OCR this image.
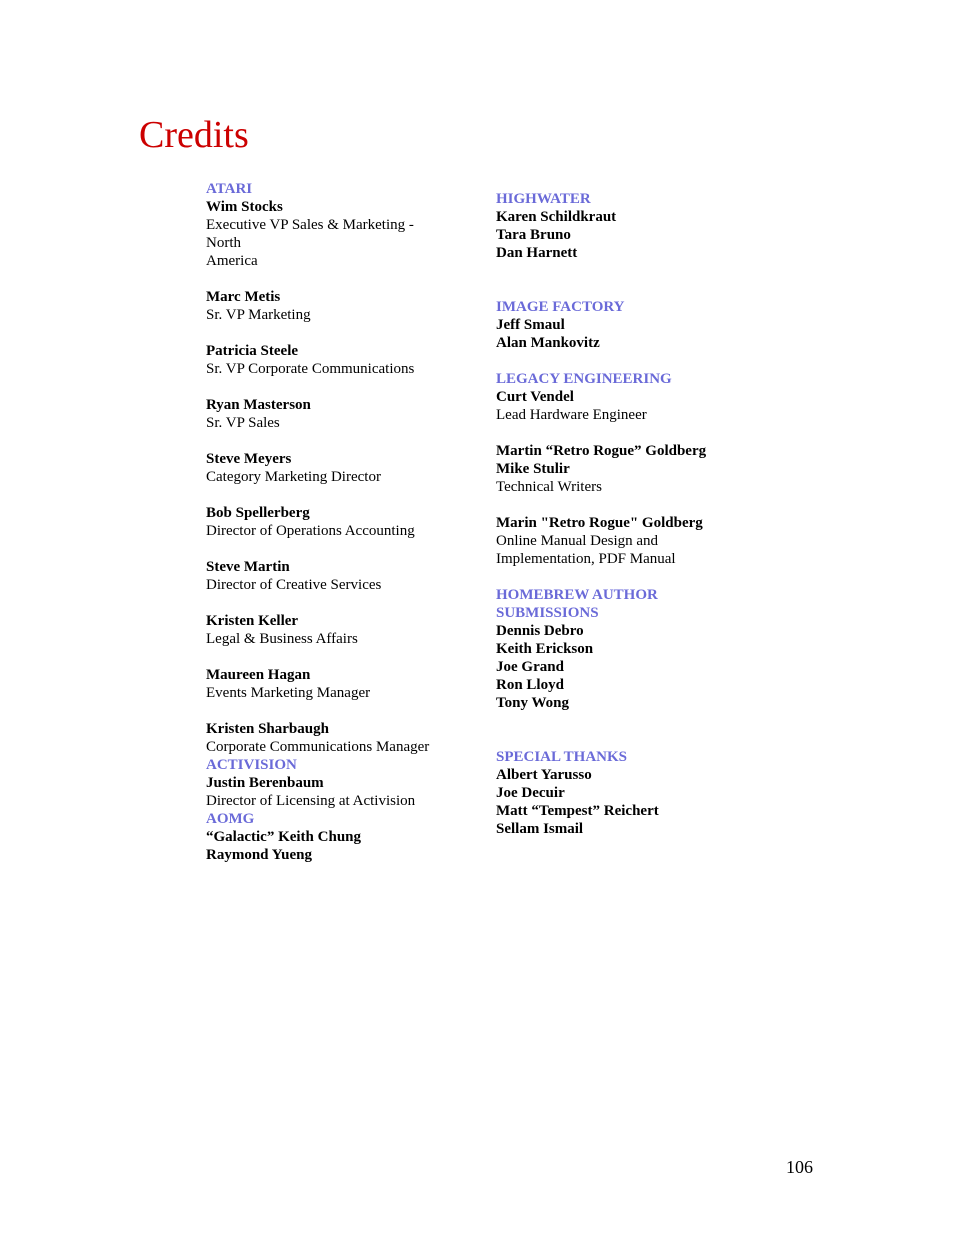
Credits
ATARI
Wim Stocks
Executive VP Sales & Marketing -
North
America
Marc Metis
Sr. VP Marketing
Patricia Steele
Sr. VP Corporate Communications
Ryan Masterson
Sr. VP Sales
Steve Meyers
Category Marketing Director
Bob Spellerberg
Director of Operations Accounting
Steve Martin
Director of Creative Services
Kristen Keller
Legal & Business Affairs
Maureen Hagan
Events Marketing Manager
Kristen Sharbaugh
Corporate Communications Manager
ACTIVISION
Justin Berenbaum
Director of Licensing at Activision
AOMG
“Galactic” Keith Chung
Raymond Yueng
HIGHWATER
Karen Schildkraut
Tara Bruno
Dan Harnett
IMAGE FACTORY
Jeff Smaul
Alan Mankovitz
LEGACY ENGINEERING
Curt Vendel
Lead Hardware Engineer
Martin “Retro Rogue” Goldberg
Mike Stulir
Technical Writers
Marin "Retro Rogue" Goldberg
Online Manual Design and
Implementation, PDF Manual
HOMEBREW AUTHOR
SUBMISSIONS
Dennis Debro
Keith Erickson
Joe Grand
Ron Lloyd
Tony Wong
SPECIAL THANKS
Albert Yarusso
Joe Decuir
Matt “Tempest” Reichert
Sellam Ismail
106
